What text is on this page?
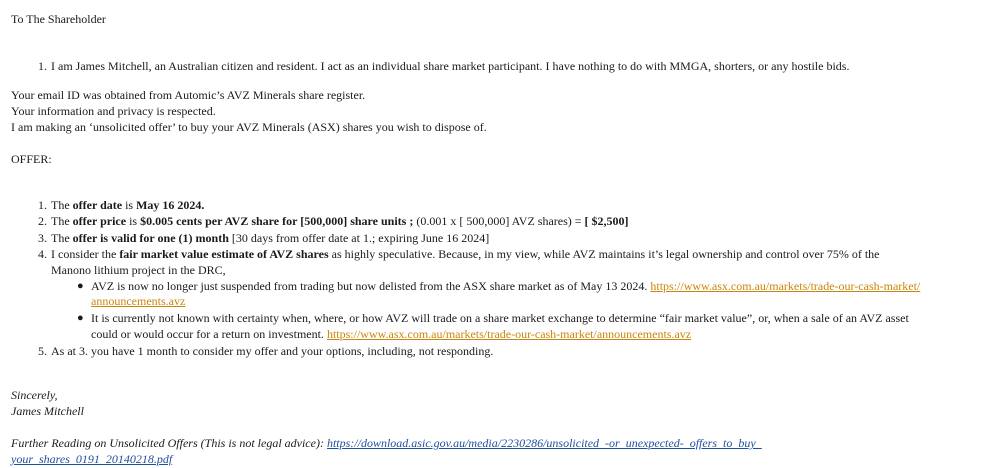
To The Shareholder
1. I am James Mitchell, an Australian citizen and resident. I act as an individual share market participant. I have nothing to do with MMGA, shorters, or any hostile bids.
Your email ID was obtained from Automic’s AVZ Minerals share register.
Your information and privacy is respected.
I am making an ‘unsolicited offer’ to buy your AVZ Minerals (ASX) shares you wish to dispose of.
OFFER:
1. The offer date is May 16 2024.
2. The offer price is $0.005 cents per AVZ share for [500,000] share units ; (0.001 x [ 500,000] AVZ shares) = [ $2,500]
3. The offer is valid for one (1) month [30 days from offer date at 1.; expiring June 16 2024]
4. I consider the fair market value estimate of AVZ shares as highly speculative. Because, in my view, while AVZ maintains it’s legal ownership and control over 75% of the
Manono lithium project in the DRC,
● AVZ is now no longer just suspended from trading but now delisted from the ASX share market as of May 13 2024. https://www.asx.com.au/markets/trade-our-cash-market/
announcements.avz
● It is currently not known with certainty when, where, or how AVZ will trade on a share market exchange to determine “fair market value”, or, when a sale of an AVZ asset
could or would occur for a return on investment. https://www.asx.com.au/markets/trade-our-cash-market/announcements.avz
5. As at 3. you have 1 month to consider my offer and your options, including, not responding.
Sincerely,
James Mitchell
Further Reading on Unsolicited Offers (This is not legal advice): https://download.asic.gov.au/media/2230286/unsolicited_-or_unexpected-_offers_to_buy_
your_shares_0191_20140218.pdf
